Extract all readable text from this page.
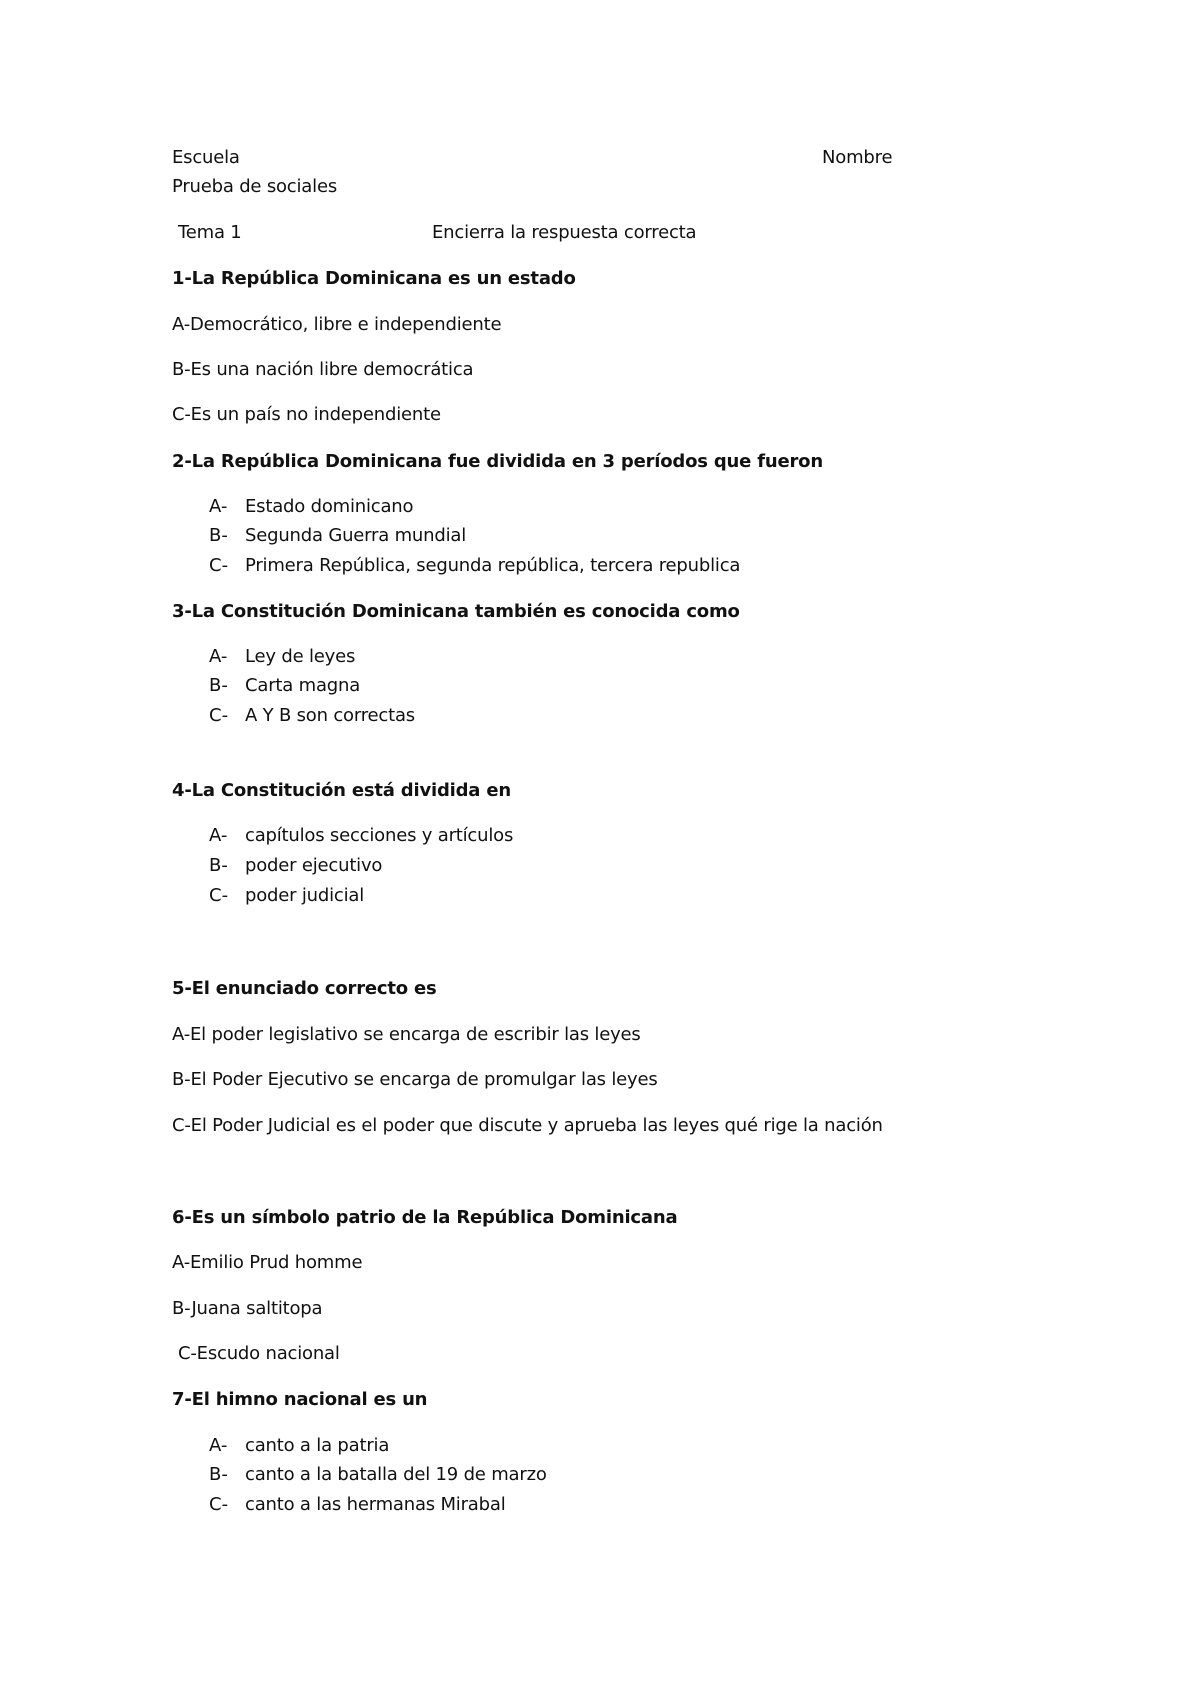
Escuela	Nombre
Prueba de sociales
Tema 1	Encierra la respuesta correcta
1-La República Dominicana es un estado
A-Democrático, libre e independiente
B-Es una nación libre democrática
C-Es un país no independiente
2-La República Dominicana fue dividida en 3 períodos que fueron
A- Estado dominicano
B- Segunda Guerra mundial
C- Primera República, segunda república, tercera republica
3-La Constitución Dominicana también es conocida como
A- Ley de leyes
B- Carta magna
C- A Y B son correctas
4-La Constitución está dividida en
A- capítulos secciones y artículos
B- poder ejecutivo
C- poder judicial
5-El enunciado correcto es
A-El poder legislativo se encarga de escribir las leyes
B-El Poder Ejecutivo se encarga de promulgar las leyes
C-El Poder Judicial es el poder que discute y aprueba las leyes qué rige la nación
6-Es un símbolo patrio de la República Dominicana
A-Emilio Prud homme
B-Juana saltitopa
C-Escudo nacional
7-El himno nacional es un
A- canto a la patria
B- canto a la batalla del 19 de marzo
C- canto a las hermanas Mirabal
